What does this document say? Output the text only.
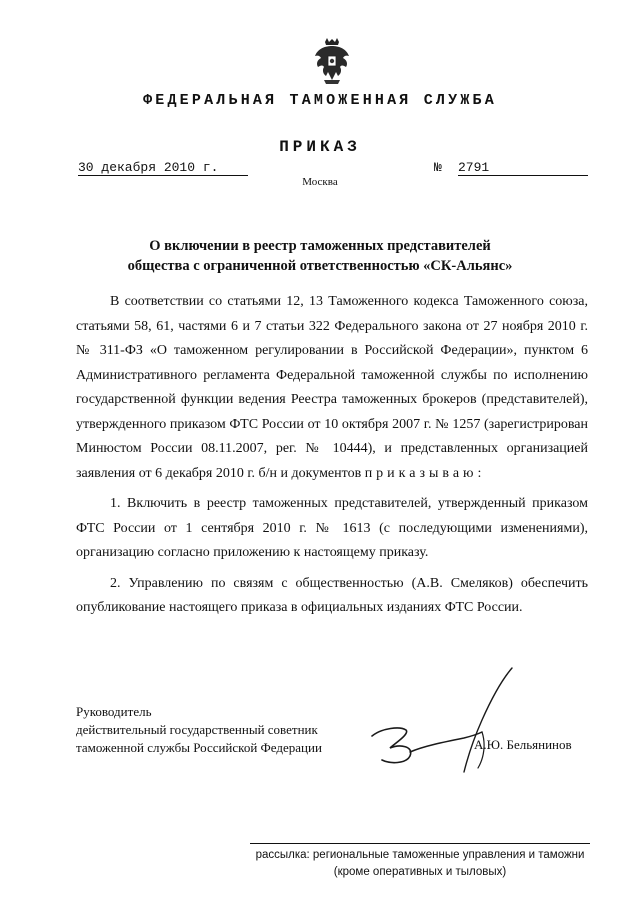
ФЕДЕРАЛЬНАЯ ТАМОЖЕННАЯ СЛУЖБА
ПРИКАЗ
30 декабря 2010 г.	№ 2791
Москва
О включении в реестр таможенных представителей
общества с ограниченной ответственностью «СК-Альянс»

В соответствии со статьями 12, 13 Таможенного кодекса Таможенного союза, статьями 58, 61, частями 6 и 7 статьи 322 Федерального закона от 27 ноября 2010 г. № 311-ФЗ «О таможенном регулировании в Российской Федерации», пунктом 6 Административного регламента Федеральной таможенной службы по исполнению государственной функции ведения Реестра таможенных брокеров (представителей), утвержденного приказом ФТС России от 10 октября 2007 г. № 1257 (зарегистрирован Минюстом России 08.11.2007, рег. № 10444), и представленных организацией заявления от 6 декабря 2010 г. б/н и документов приказываю:

1. Включить в реестр таможенных представителей, утвержденный приказом ФТС России от 1 сентября 2010 г. № 1613 (с последующими изменениями), организацию согласно приложению к настоящему приказу.

2. Управлению по связям с общественностью (А.В. Смеляков) обеспечить опубликование настоящего приказа в официальных изданиях ФТС России.

Руководитель
действительный государственный советник
таможенной службы Российской Федерации	А.Ю. Бельянинов
рассылка: региональные таможенные управления и таможни
(кроме оперативных и тыловых)
